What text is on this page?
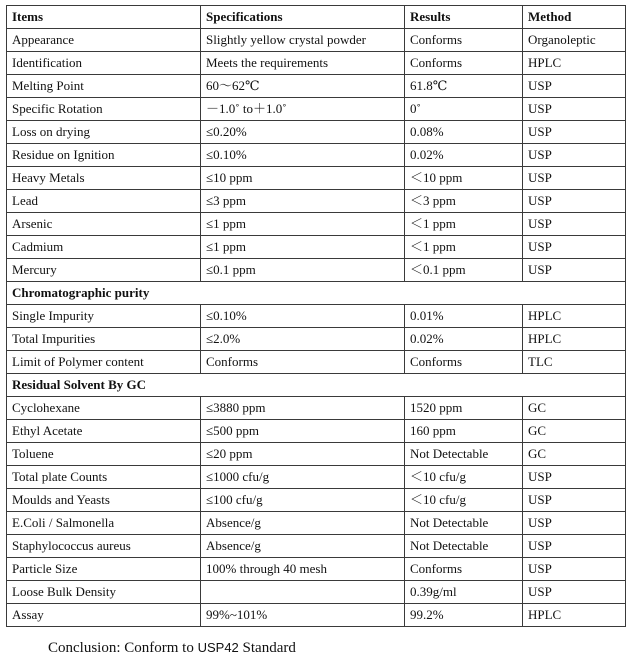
Items	Specifications	Results	Method
Appearance	Slightly yellow crystal powder	Conforms	Organoleptic
Identification	Meets the requirements	Conforms	HPLC
Melting Point	60～62℃	61.8℃	USP
Specific Rotation	－1.0˚ to＋1.0˚	0˚	USP
Loss on drying	≤0.20%	0.08%	USP
Residue on Ignition	≤0.10%	0.02%	USP
Heavy Metals	≤10 ppm	＜10 ppm	USP
Lead	≤3 ppm	＜3 ppm	USP
Arsenic	≤1 ppm	＜1 ppm	USP
Cadmium	≤1 ppm	＜1 ppm	USP
Mercury	≤0.1 ppm	＜0.1 ppm	USP
Chromatographic purity			
Single Impurity	≤0.10%	0.01%	HPLC
Total Impurities	≤2.0%	0.02%	HPLC
Limit of Polymer content	Conforms	Conforms	TLC
Residual Solvent By GC			
Cyclohexane	≤3880 ppm	1520 ppm	GC
Ethyl Acetate	≤500 ppm	160 ppm	GC
Toluene	≤20 ppm	Not Detectable	GC
Total plate Counts	≤1000 cfu/g	＜10 cfu/g	USP
Moulds and Yeasts	≤100 cfu/g	＜10 cfu/g	USP
E.Coli / Salmonella	Absence/g	Not Detectable	USP
Staphylococcus aureus	Absence/g	Not Detectable	USP
Particle Size	100% through 40 mesh	Conforms	USP
Loose Bulk Density		0.39g/ml	USP
Assay	99%~101%	99.2%	HPLC
Conclusion: Conform to USP42 Standard
